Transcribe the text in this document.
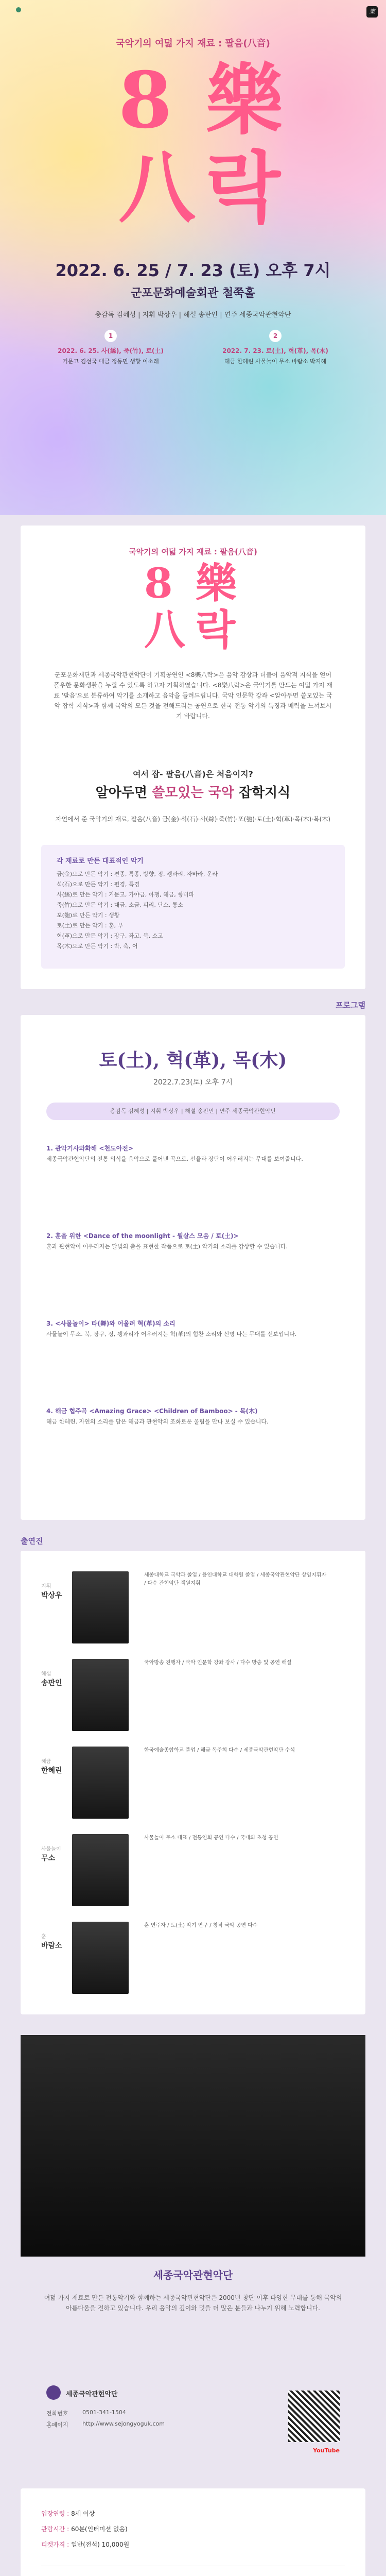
樂
국악기의 여덟 가지 재료 : 팔음(八音)
8 樂
八 락
2022. 6. 25 / 7. 23 (토) 오후 7시
군포문화예술회관 철쭉홀
총감독 김혜성 | 지휘 박상우 | 해설 송판인 | 연주 세종국악관현악단
1
2022. 6. 25. 사(絲), 죽(竹), 토(土)
거문고 김선국 대금 정동민 생황 이소래
2
2022. 7. 23. 토(土), 혁(革), 목(木)
해금 한혜린 사물놀이 무소 바람소 박지혜
국악기의 여덟 가지 재료 : 팔음(八音)
8 樂
八 락
군포문화재단과 세종국악관현악단이 기획공연인 <8樂八락>은 음악 감상과 더불어 음악적 지식을 얻어 폴우한 문화생활을 누릴 수 있도록 하고자 기획하였습니다. <8樂八락>은 국악기를 만드는 여덟 가지 재료 '팔음'으로 분류하여 악기를 소개하고 음악을 들려드립니다. 국악 인문학 강좌 <알아두면 쓸모있는 국악 잡학 지식>과 함께 국악의 모든 것을 전해드리는 공연으로 한국 전통 악기의 특징과 매력을 느껴보시기 바랍니다.
여서 잡- 팔음(八音)은 처음이지?
알아두면 쓸모있는 국악 잡학지식
자연에서 준 국악기의 재료, 팔음(八音) 금(金)·석(石)·사(絲)·죽(竹)·포(匏)·토(土)·혁(革)·목(木)·복(木)
각 재료로 만든 대표적인 악기
금(金)으로 만든 악기 : 편종, 특종, 방향, 징, 꽹과리, 자바라, 운라
석(石)으로 만든 악기 : 편경, 특경
사(絲)로 만든 악기 : 거문고, 가야금, 아쟁, 해금, 향비파
죽(竹)으로 만든 악기 : 대금, 소금, 피리, 단소, 퉁소
포(匏)로 만든 악기 : 생황
토(土)로 만든 악기 : 훈, 부
혁(革)으로 만든 악기 : 장구, 좌고, 북, 소고
목(木)으로 만든 악기 : 박, 축, 어
프로그램
토(土), 혁(革), 목(木)
2022.7.23(토) 오후 7시
총감독 김혜성 | 지휘 박상우 | 해설 송판인 | 연주 세종국악관현악단
1. 관악기사와화해 <천도아전>
세종국악관현악단의 전통 의식을 음악으로 풀어낸 곡으로, 선율과 장단이 어우러지는 무대를 보여줍니다.
2. 훈을 위한 <Dance of the moonlight - 월살스 모음 / 토(土)>
훈과 관현악이 어우러지는 달빛의 춤을 표현한 작품으로 토(土) 악기의 소리를 감상할 수 있습니다.
3. <사물놀이> 타(舞)와 어울려 혁(革)의 소리
사물놀이 무소. 북, 장구, 징, 꽹과리가 어우러지는 혁(革)의 힘찬 소리와 신명 나는 무대를 선보입니다.
4. 해금 협주곡 <Amazing Grace> <Children of Bamboo> - 목(木)
해금 한혜린. 자연의 소리를 담은 해금과 관현악의 조화로운 울림을 만나 보실 수 있습니다.
출연진
지휘
박상우
세종대학교 국악과 졸업 / 용인대학교 대학원 졸업 / 세종국악관현악단 상임지휘자 / 다수 관현악단 객원지휘
해설
송판인
국악방송 진행자 / 국악 인문학 강좌 강사 / 다수 방송 및 공연 해설
해금
한혜린
한국예술종합학교 졸업 / 해금 독주회 다수 / 세종국악관현악단 수석
사물놀이
무소
사물놀이 무소 대표 / 전통연희 공연 다수 / 국내외 초청 공연
훈
바람소
훈 연주자 / 토(土) 악기 연구 / 창작 국악 공연 다수
세종국악관현악단
여덟 가지 재료로 만든 전통악기와 함께하는 세종국악관현악단은 2000년 창단 이후 다양한 무대를 통해 국악의 아름다움을 전하고 있습니다. 우리 음악의 깊이와 멋을 더 많은 분들과 나누기 위해 노력합니다.
세종국악관현악단
전화번호 0501-341-1504
홈페이지 http://www.sejongyoguk.com
YouTube
입장연령 : 8세 이상
관람시간 : 60분(인터미션 없음)
티켓가격 : 일반(전석) 10,000원
